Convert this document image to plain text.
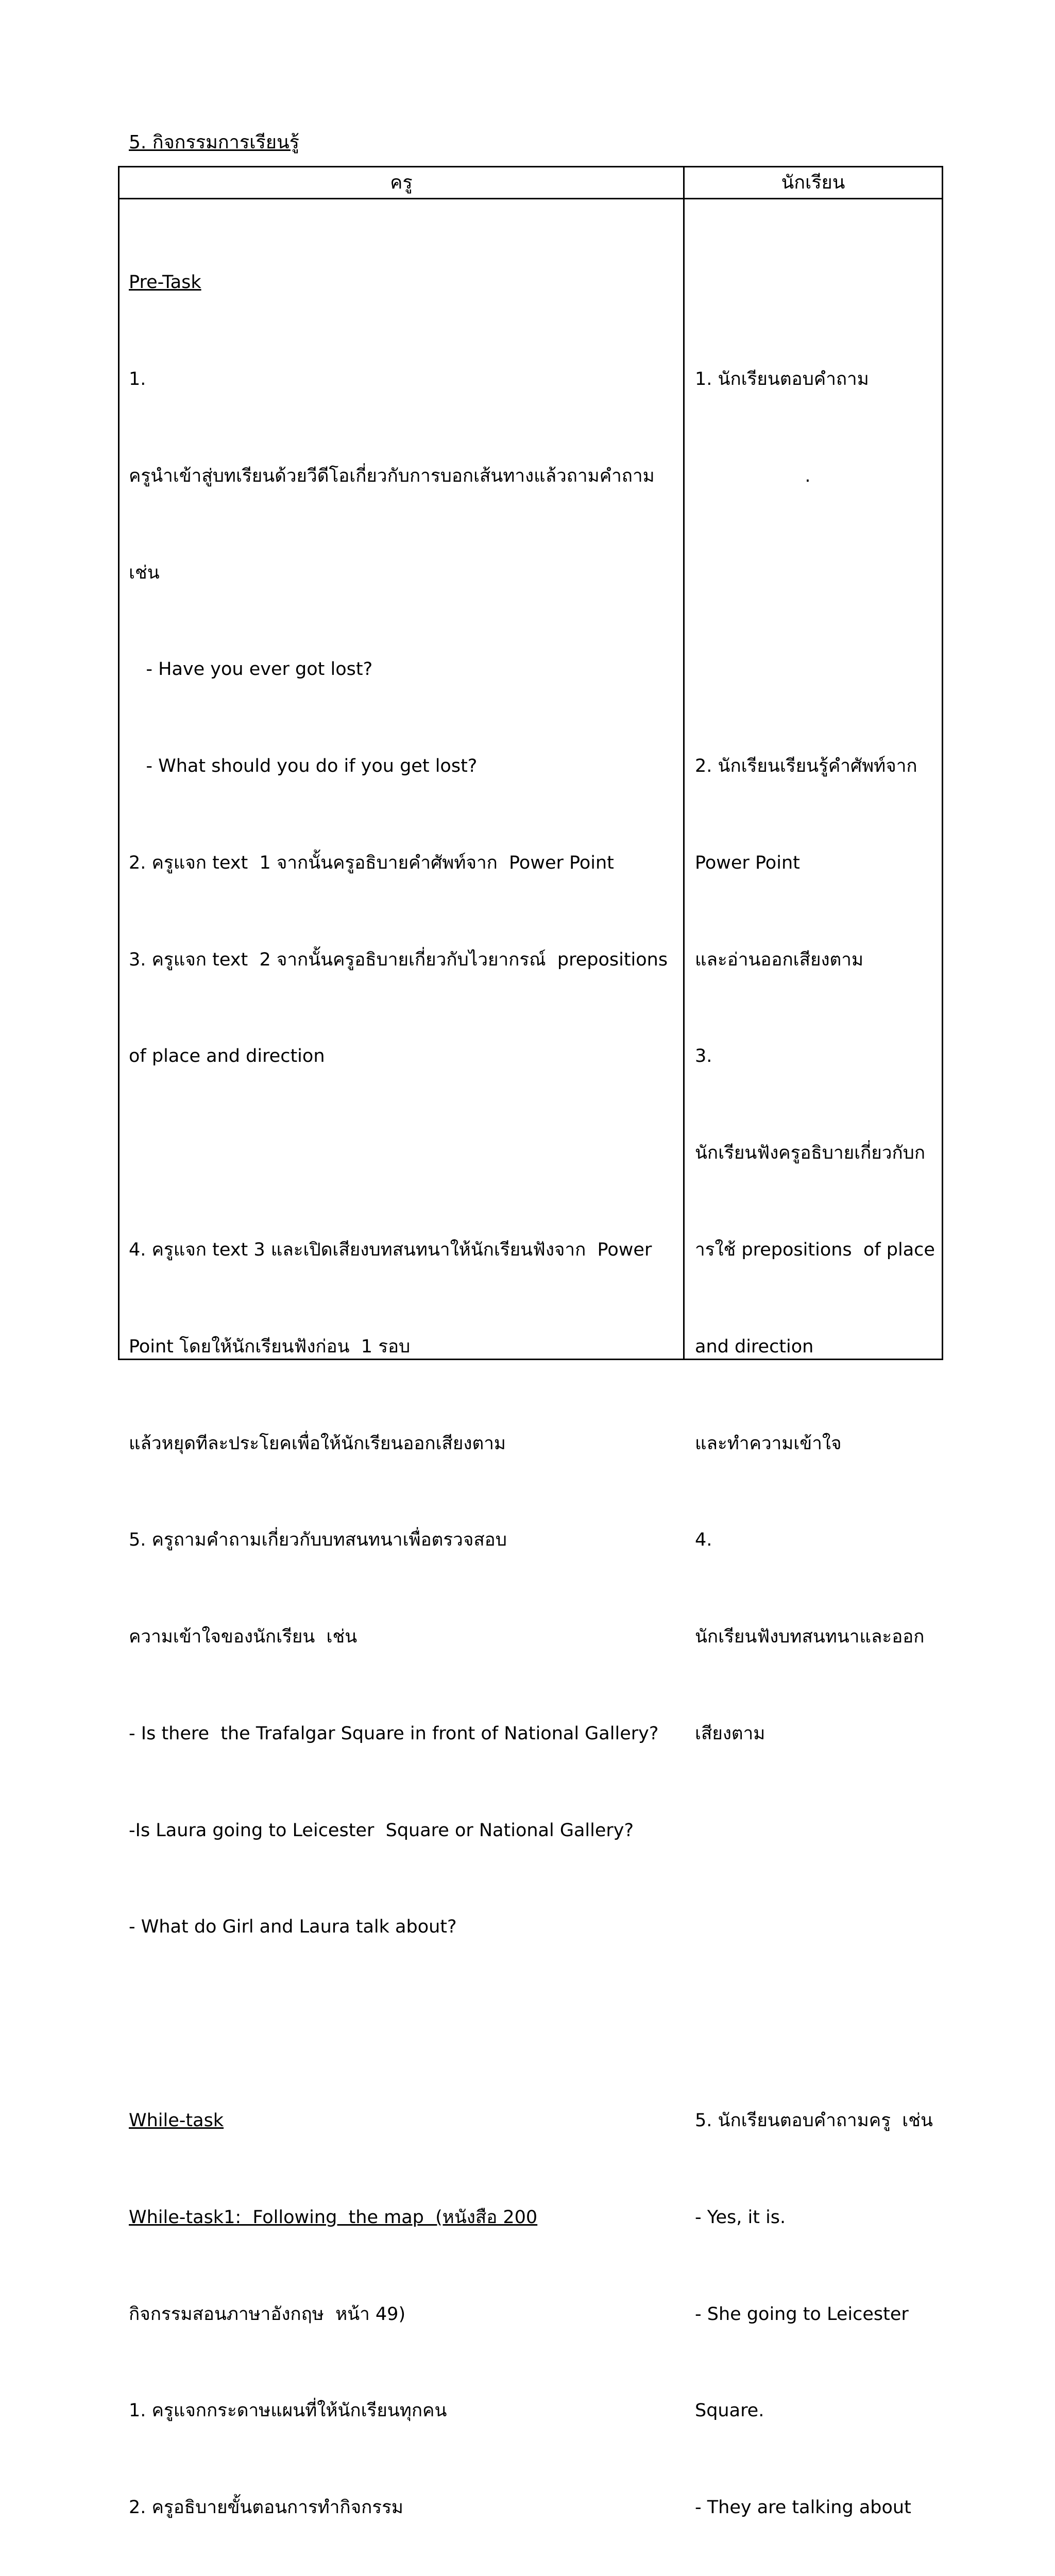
5. กิจกรรมการเรียนรู้
ครู	นักเรียน

Pre-Task

1.

ครูนำเข้าสู่บทเรียนด้วยวีดีโอเกี่ยวกับการบอกเส้นทางแล้วถามคำถาม

เช่น

- Have you ever got lost?

- What should you do if you get lost?

2. ครูแจก text  1 จากนั้นครูอธิบายคำศัพท์จาก  Power Point

3. ครูแจก text  2 จากนั้นครูอธิบายเกี่ยวกับไวยากรณ์  prepositions

of place and direction

4. ครูแจก text 3 และเปิดเสียงบทสนทนาให้นักเรียนฟังจาก  Power

Point โดยให้นักเรียนฟังก่อน  1 รอบ

แล้วหยุดทีละประโยคเพื่อให้นักเรียนออกเสียงตาม

5. ครูถามคำถามเกี่ยวกับบทสนทนาเพื่อตรวจสอบ

ความเข้าใจของนักเรียน  เช่น

- Is there  the Trafalgar Square in front of National Gallery?

-Is Laura going to Leicester  Square or National Gallery?

- What do Girl and Laura talk about?

While-task

While-task1:  Following  the map  (หนังสือ 200

กิจกรรมสอนภาษาอังกฤษ  หน้า 49)

1. ครูแจกกระดาษแผนที่ให้นักเรียนทุกคน

2. ครูอธิบายขั้นตอนการทำกิจกรรม

1. นักเรียนตอบคำถาม

.

2. นักเรียนเรียนรู้คำศัพท์จาก

Power Point

และอ่านออกเสียงตาม

3.

นักเรียนฟังครูอธิบายเกี่ยวกับก

ารใช้ prepositions  of place

and direction

และทำความเข้าใจ

4.

นักเรียนฟังบทสนทนาและออก

เสียงตาม

5. นักเรียนตอบคำถามครู  เช่น

- Yes, it is.

- She going to Leicester

Square.

- They are talking about
